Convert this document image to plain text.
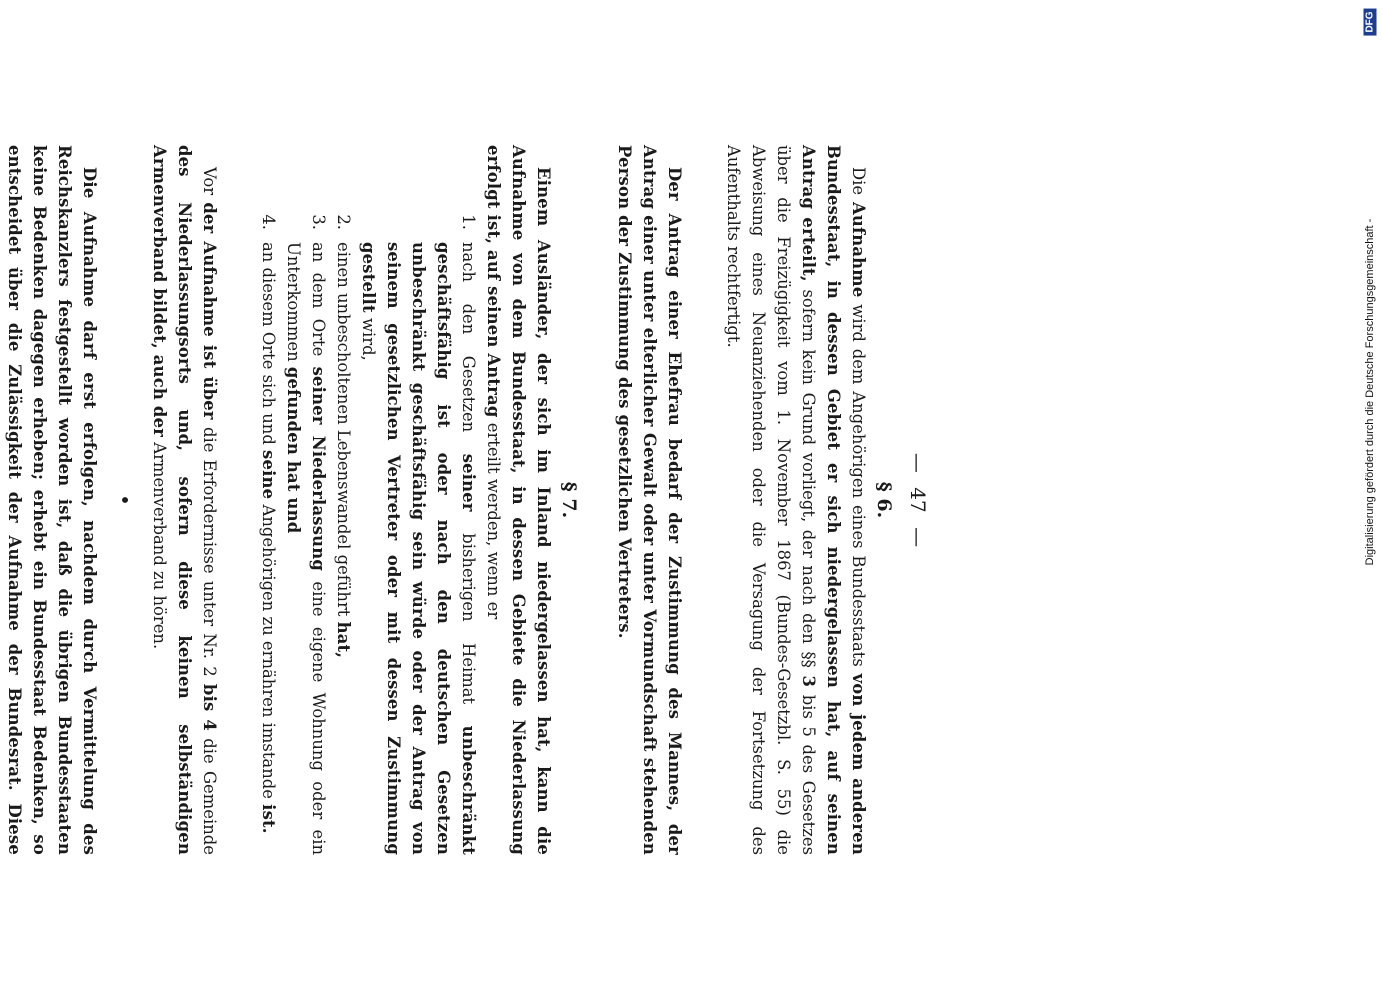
— 47 —
§ 6.

Die Aufnahme wird dem Angehörigen eines Bundesstaats von jedem anderen Bundesstaat, in dessen Gebiet er sich niedergelassen hat, auf seinen Antrag erteilt, sofern kein Grund vorliegt, der nach den §§ 3 bis 5 des Gesetzes über die Freizügigkeit vom 1. November 1867 (Bundes-Gesetzbl. S. 55) die Abweisung eines Neuanziehenden oder die Versagung der Fortsetzung des Aufenthalts rechtfertigt.

Der Antrag einer Ehefrau bedarf der Zustimmung des Mannes, der Antrag einer unter elterlicher Gewalt oder unter Vormundschaft stehenden Person der Zustimmung des gesetzlichen Vertreters.

§ 7.

Einem Ausländer, der sich im Inland niedergelassen hat, kann die Aufnahme von dem Bundesstaat, in dessen Gebiete die Niederlassung erfolgt ist, auf seinen Antrag erteilt werden, wenn er

1.
nach den Gesetzen seiner bisherigen Heimat unbeschränkt geschäftsfähig ist oder nach den deutschen Gesetzen unbeschränkt geschäftsfähig sein würde oder der Antrag von seinem gesetzlichen Vertreter oder mit dessen Zustimmung gestellt wird,
2.
einen unbescholtenen Lebenswandel geführt hat,
3.
an dem Orte seiner Niederlassung eine eigene Wohnung oder ein Unterkommen gefunden hat und
4.
an diesem Orte sich und seine Angehörigen zu ernähren imstande ist.

Vor der Aufnahme ist über die Erfordernisse unter Nr. 2 bis 4 die Gemeinde des Niederlassungsorts und, sofern diese keinen selbständigen Armenverband bildet, auch der Armenverband zu hören.

•

Die Aufnahme darf erst erfolgen, nachdem durch Vermittelung des Reichskanzlers festgestellt worden ist, daß die übrigen Bundesstaaten keine Bedenken dagegen erheben; erhebt ein Bundesstaat Bedenken, so entscheidet über die Zulässigkeit der Aufnahme der Bundesrat. Diese

DFG
Digitalisierung gefördert durch die Deutsche Forschungsgemeinschaft -
